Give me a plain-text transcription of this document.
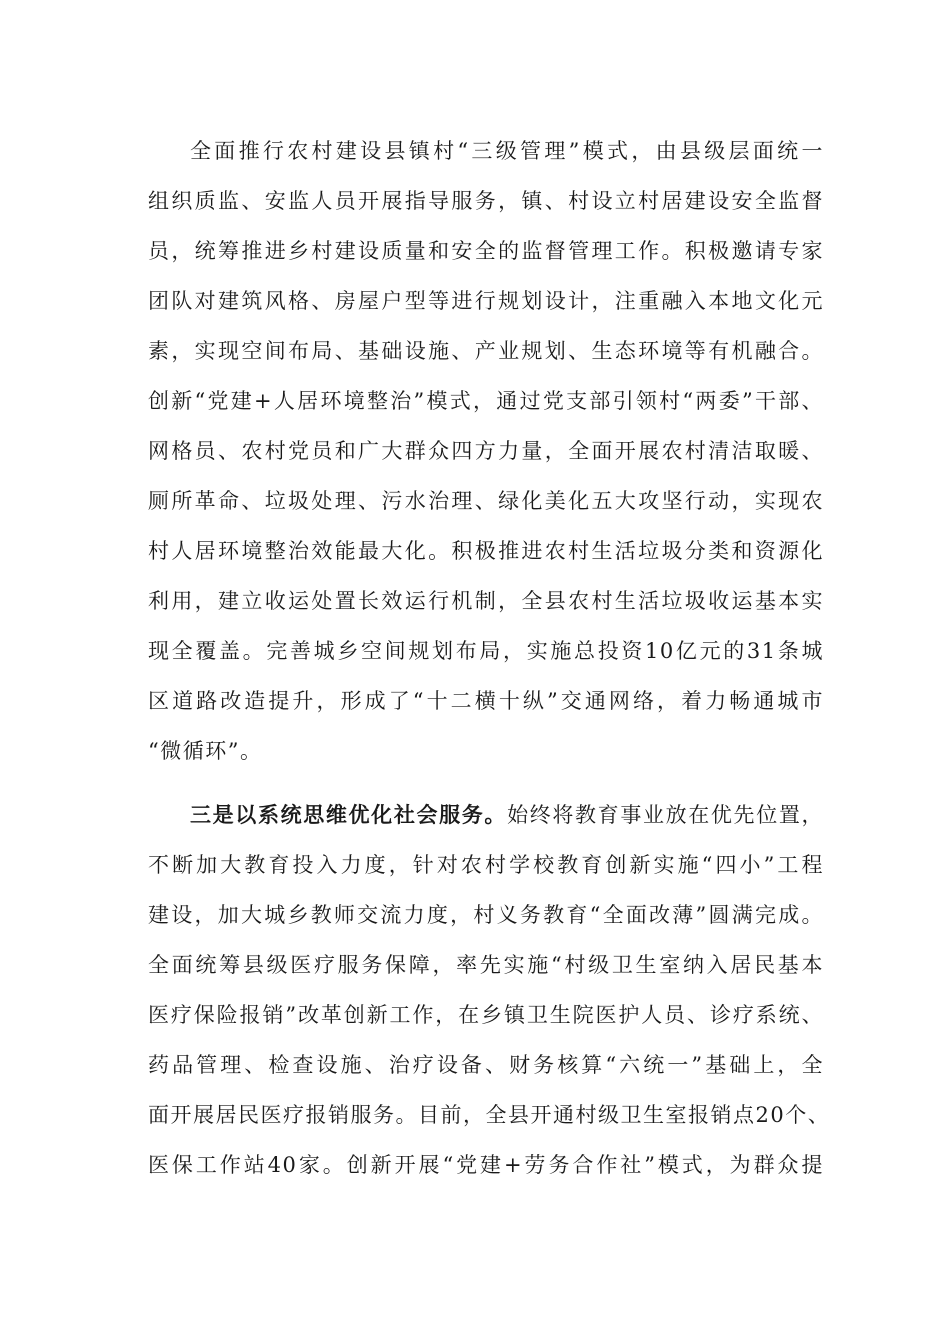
全面推行农村建设县镇村“三级管理”模式，由县级层面统一
组织质监、安监人员开展指导服务，镇、村设立村居建设安全监督
员，统筹推进乡村建设质量和安全的监督管理工作。积极邀请专家
团队对建筑风格、房屋户型等进行规划设计，注重融入本地文化元
素，实现空间布局、基础设施、产业规划、生态环境等有机融合。
创新“党建+人居环境整治”模式，通过党支部引领村“两委”干部、
网格员、农村党员和广大群众四方力量，全面开展农村清洁取暖、
厕所革命、垃圾处理、污水治理、绿化美化五大攻坚行动，实现农
村人居环境整治效能最大化。积极推进农村生活垃圾分类和资源化
利用，建立收运处置长效运行机制，全县农村生活垃圾收运基本实
现全覆盖。完善城乡空间规划布局，实施总投资10亿元的31条城
区道路改造提升，形成了“十二横十纵”交通网络，着力畅通城市
“微循环”。
三是以系统思维优化社会服务。始终将教育事业放在优先位置，
不断加大教育投入力度，针对农村学校教育创新实施“四小”工程
建设，加大城乡教师交流力度，村义务教育“全面改薄”圆满完成。
全面统筹县级医疗服务保障，率先实施“村级卫生室纳入居民基本
医疗保险报销”改革创新工作，在乡镇卫生院医护人员、诊疗系统、
药品管理、检查设施、治疗设备、财务核算“六统一”基础上，全
面开展居民医疗报销服务。目前，全县开通村级卫生室报销点20个、
医保工作站40家。创新开展“党建+劳务合作社”模式，为群众提
